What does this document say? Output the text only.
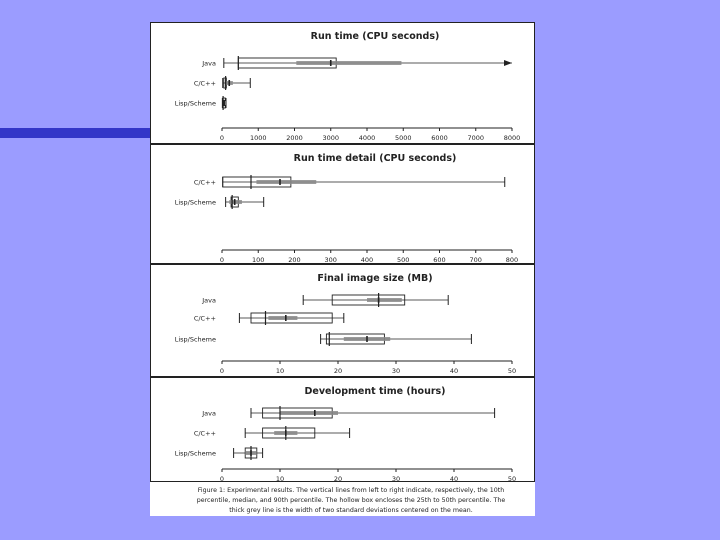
Run time (CPU seconds)
0	1000	2000	3000	4000	5000	6000	7000	8000
Java
C/C++
Lisp/Scheme
Run time detail (CPU seconds)
0	100	200	300	400	500	600	700	800
C/C++
Lisp/Scheme
Final image size (MB)
0	10	20	30	40	50
Java
C/C++
Lisp/Scheme
Development time (hours)
0	10	20	30	40	50
Java
C/C++
Lisp/Scheme
Figure 1: Experimental results. The vertical lines from left to right indicate, respectively, the 10th
percentile, median, and 90th percentile. The hollow box encloses the 25th to 50th percentile. The
thick grey line is the width of two standard deviations centered on the mean.
